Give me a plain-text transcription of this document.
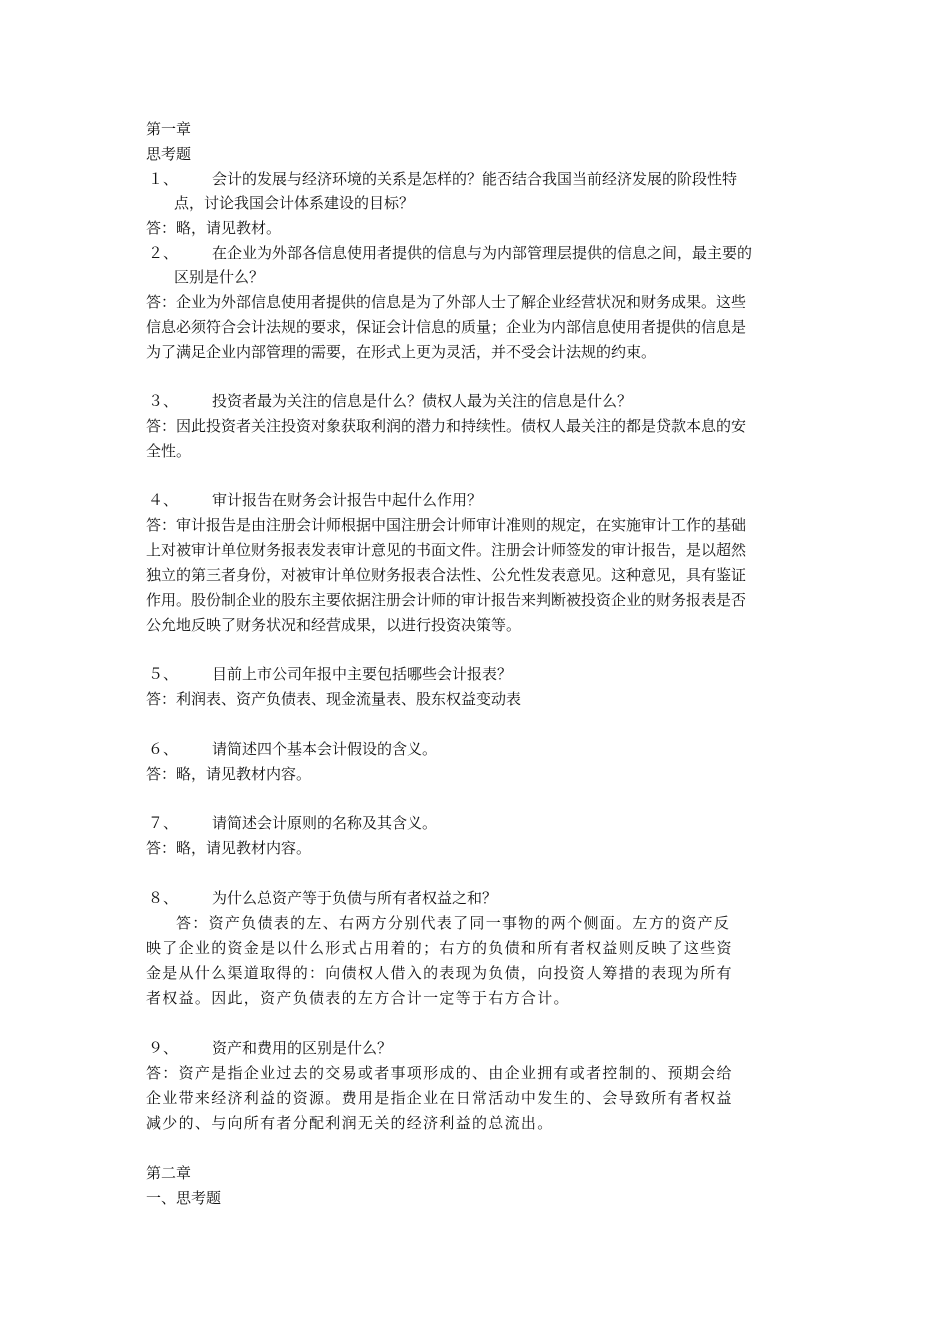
第一章
思考题
１、 会计的发展与经济环境的关系是怎样的？能否结合我国当前经济发展的阶段性特
点，讨论我国会计体系建设的目标？
答：略，请见教材。
２、 在企业为外部各信息使用者提供的信息与为内部管理层提供的信息之间，最主要的
区别是什么？
答：企业为外部信息使用者提供的信息是为了外部人士了解企业经营状况和财务成果。这些
信息必须符合会计法规的要求，保证会计信息的质量；企业为内部信息使用者提供的信息是
为了满足企业内部管理的需要，在形式上更为灵活，并不受会计法规的约束。
３、 投资者最为关注的信息是什么？债权人最为关注的信息是什么？
答：因此投资者关注投资对象获取利润的潜力和持续性。债权人最关注的都是贷款本息的安
全性。
４、 审计报告在财务会计报告中起什么作用？
答：审计报告是由注册会计师根据中国注册会计师审计准则的规定，在实施审计工作的基础
上对被审计单位财务报表发表审计意见的书面文件。注册会计师签发的审计报告，是以超然
独立的第三者身份，对被审计单位财务报表合法性、公允性发表意见。这种意见，具有鉴证
作用。股份制企业的股东主要依据注册会计师的审计报告来判断被投资企业的财务报表是否
公允地反映了财务状况和经营成果，以进行投资决策等。
５、 目前上市公司年报中主要包括哪些会计报表？
答：利润表、资产负债表、现金流量表、股东权益变动表
６、 请简述四个基本会计假设的含义。
答：略，请见教材内容。
７、 请简述会计原则的名称及其含义。
答：略，请见教材内容。
８、 为什么总资产等于负债与所有者权益之和？
答：资产负债表的左、右两方分别代表了同一事物的两个侧面。左方的资产反
映了企业的资金是以什么形式占用着的；右方的负债和所有者权益则反映了这些资
金是从什么渠道取得的：向债权人借入的表现为负债，向投资人筹措的表现为所有
者权益。因此，资产负债表的左方合计一定等于右方合计。
９、 资产和费用的区别是什么？
答：资产是指企业过去的交易或者事项形成的、由企业拥有或者控制的、预期会给
企业带来经济利益的资源。费用是指企业在日常活动中发生的、会导致所有者权益
减少的、与向所有者分配利润无关的经济利益的总流出。
第二章
一、思考题
